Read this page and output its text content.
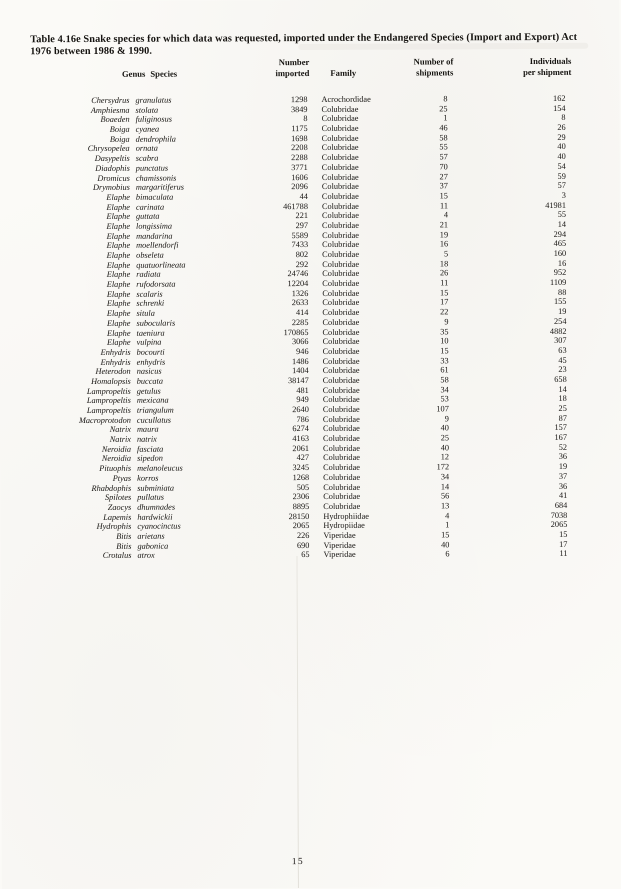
Table 4.16e Snake species for which data was requested, imported under the Endangered Species (Import and Export) Act 1976 between 1986 & 1990.
Genus Species
Number
imported Family
Number of
shipments
Individuals
per shipment
Chersydrus granulatus	1298 Acrochordidae	8	162
Amphiesma stolata	3849 Colubridae	25	154
Boaeden fuliginosus	8 Colubridae	1	8
Boiga cyanea	1175 Colubridae	46	26
Boiga dendrophila	1698 Colubridae	58	29
Chrysopelea ornata	2208 Colubridae	55	40
Dasypeltis scabra	2288 Colubridae	57	40
Diadophis punctatus	3771 Colubridae	70	54
Dromicus chamissonis	1606 Colubridae	27	59
Drymobius margaritiferus	2096 Colubridae	37	57
Elaphe bimaculata	44 Colubridae	15	3
Elaphe carinata	461788 Colubridae	11	41981
Elaphe guttata	221 Colubridae	4	55
Elaphe longissima	297 Colubridae	21	14
Elaphe mandarina	5589 Colubridae	19	294
Elaphe moellendorfi	7433 Colubridae	16	465
Elaphe obseleta	802 Colubridae	5	160
Elaphe quatuorlineata	292 Colubridae	18	16
Elaphe radiata	24746 Colubridae	26	952
Elaphe rufodorsata	12204 Colubridae	11	1109
Elaphe scalaris	1326 Colubridae	15	88
Elaphe schrenki	2633 Colubridae	17	155
Elaphe situla	414 Colubridae	22	19
Elaphe subocularis	2285 Colubridae	9	254
Elaphe taeniura	170865 Colubridae	35	4882
Elaphe vulpina	3066 Colubridae	10	307
Enhydris bocourti	946 Colubridae	15	63
Enhydris enhydris	1486 Colubridae	33	45
Heterodon nasicus	1404 Colubridae	61	23
Homalopsis buccata	38147 Colubridae	58	658
Lampropeltis getulus	481 Colubridae	34	14
Lampropeltis mexicana	949 Colubridae	53	18
Lampropeltis triangulum	2640 Colubridae	107	25
Macroprotodon cucullatus	786 Colubridae	9	87
Natrix maura	6274 Colubridae	40	157
Natrix natrix	4163 Colubridae	25	167
Neroidia fasciata	2061 Colubridae	40	52
Neroidia sipedon	427 Colubridae	12	36
Pituophis melanoleucus	3245 Colubridae	172	19
Ptyas korros	1268 Colubridae	34	37
Rhabdophis subminiata	505 Colubridae	14	36
Spilotes pullatus	2306 Colubridae	56	41
Zaocys dhumnades	8895 Colubridae	13	684
Lapemis hardwickii	28150 Hydrophiidae	4	7038
Hydrophis cyanocinctus	2065 Hydropiidae	1	2065
Bitis arietans	226 Viperidae	15	15
Bitis gabonica	690 Viperidae	40	17
Crotalus atrox	65 Viperidae	6	11
15
